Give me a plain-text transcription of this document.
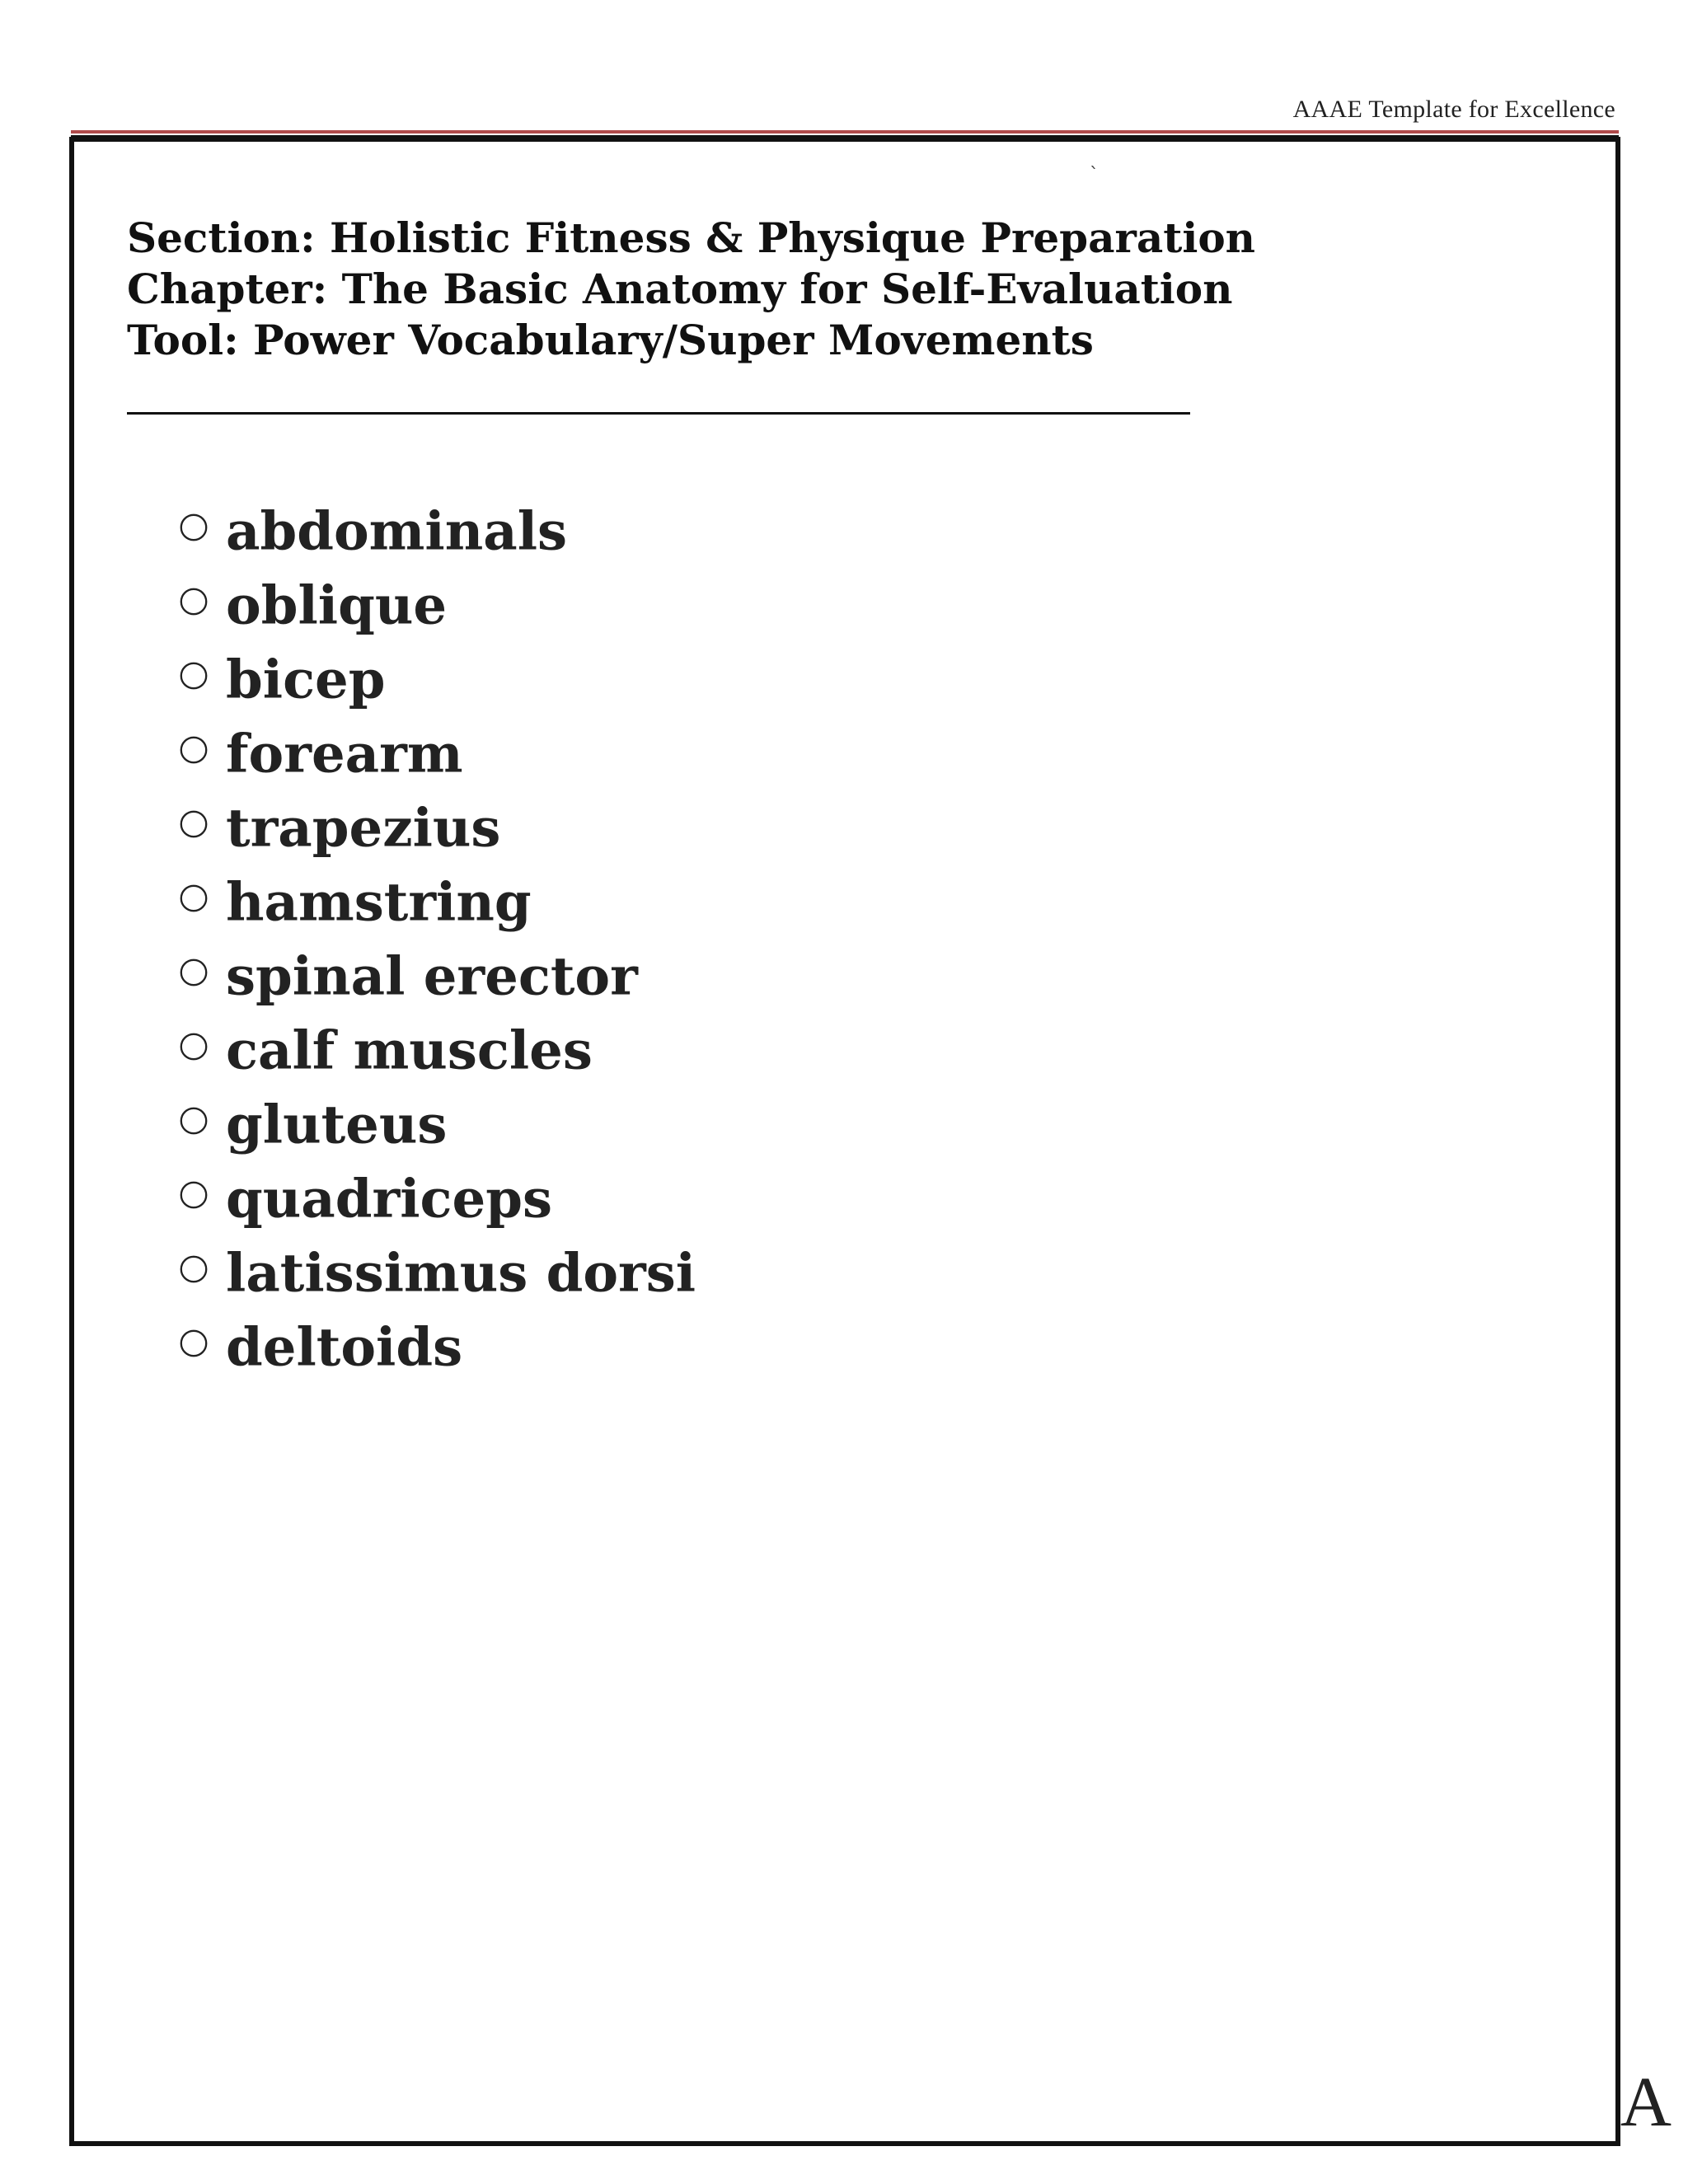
AAAE Template for Excellence
`
Section: Holistic Fitness & Physique Preparation
Chapter: The Basic Anatomy for Self-Evaluation
Tool: Power Vocabulary/Super Movements
abdominals
oblique
bicep
forearm
trapezius
hamstring
spinal erector
calf muscles
gluteus
quadriceps
latissimus dorsi
deltoids
A
